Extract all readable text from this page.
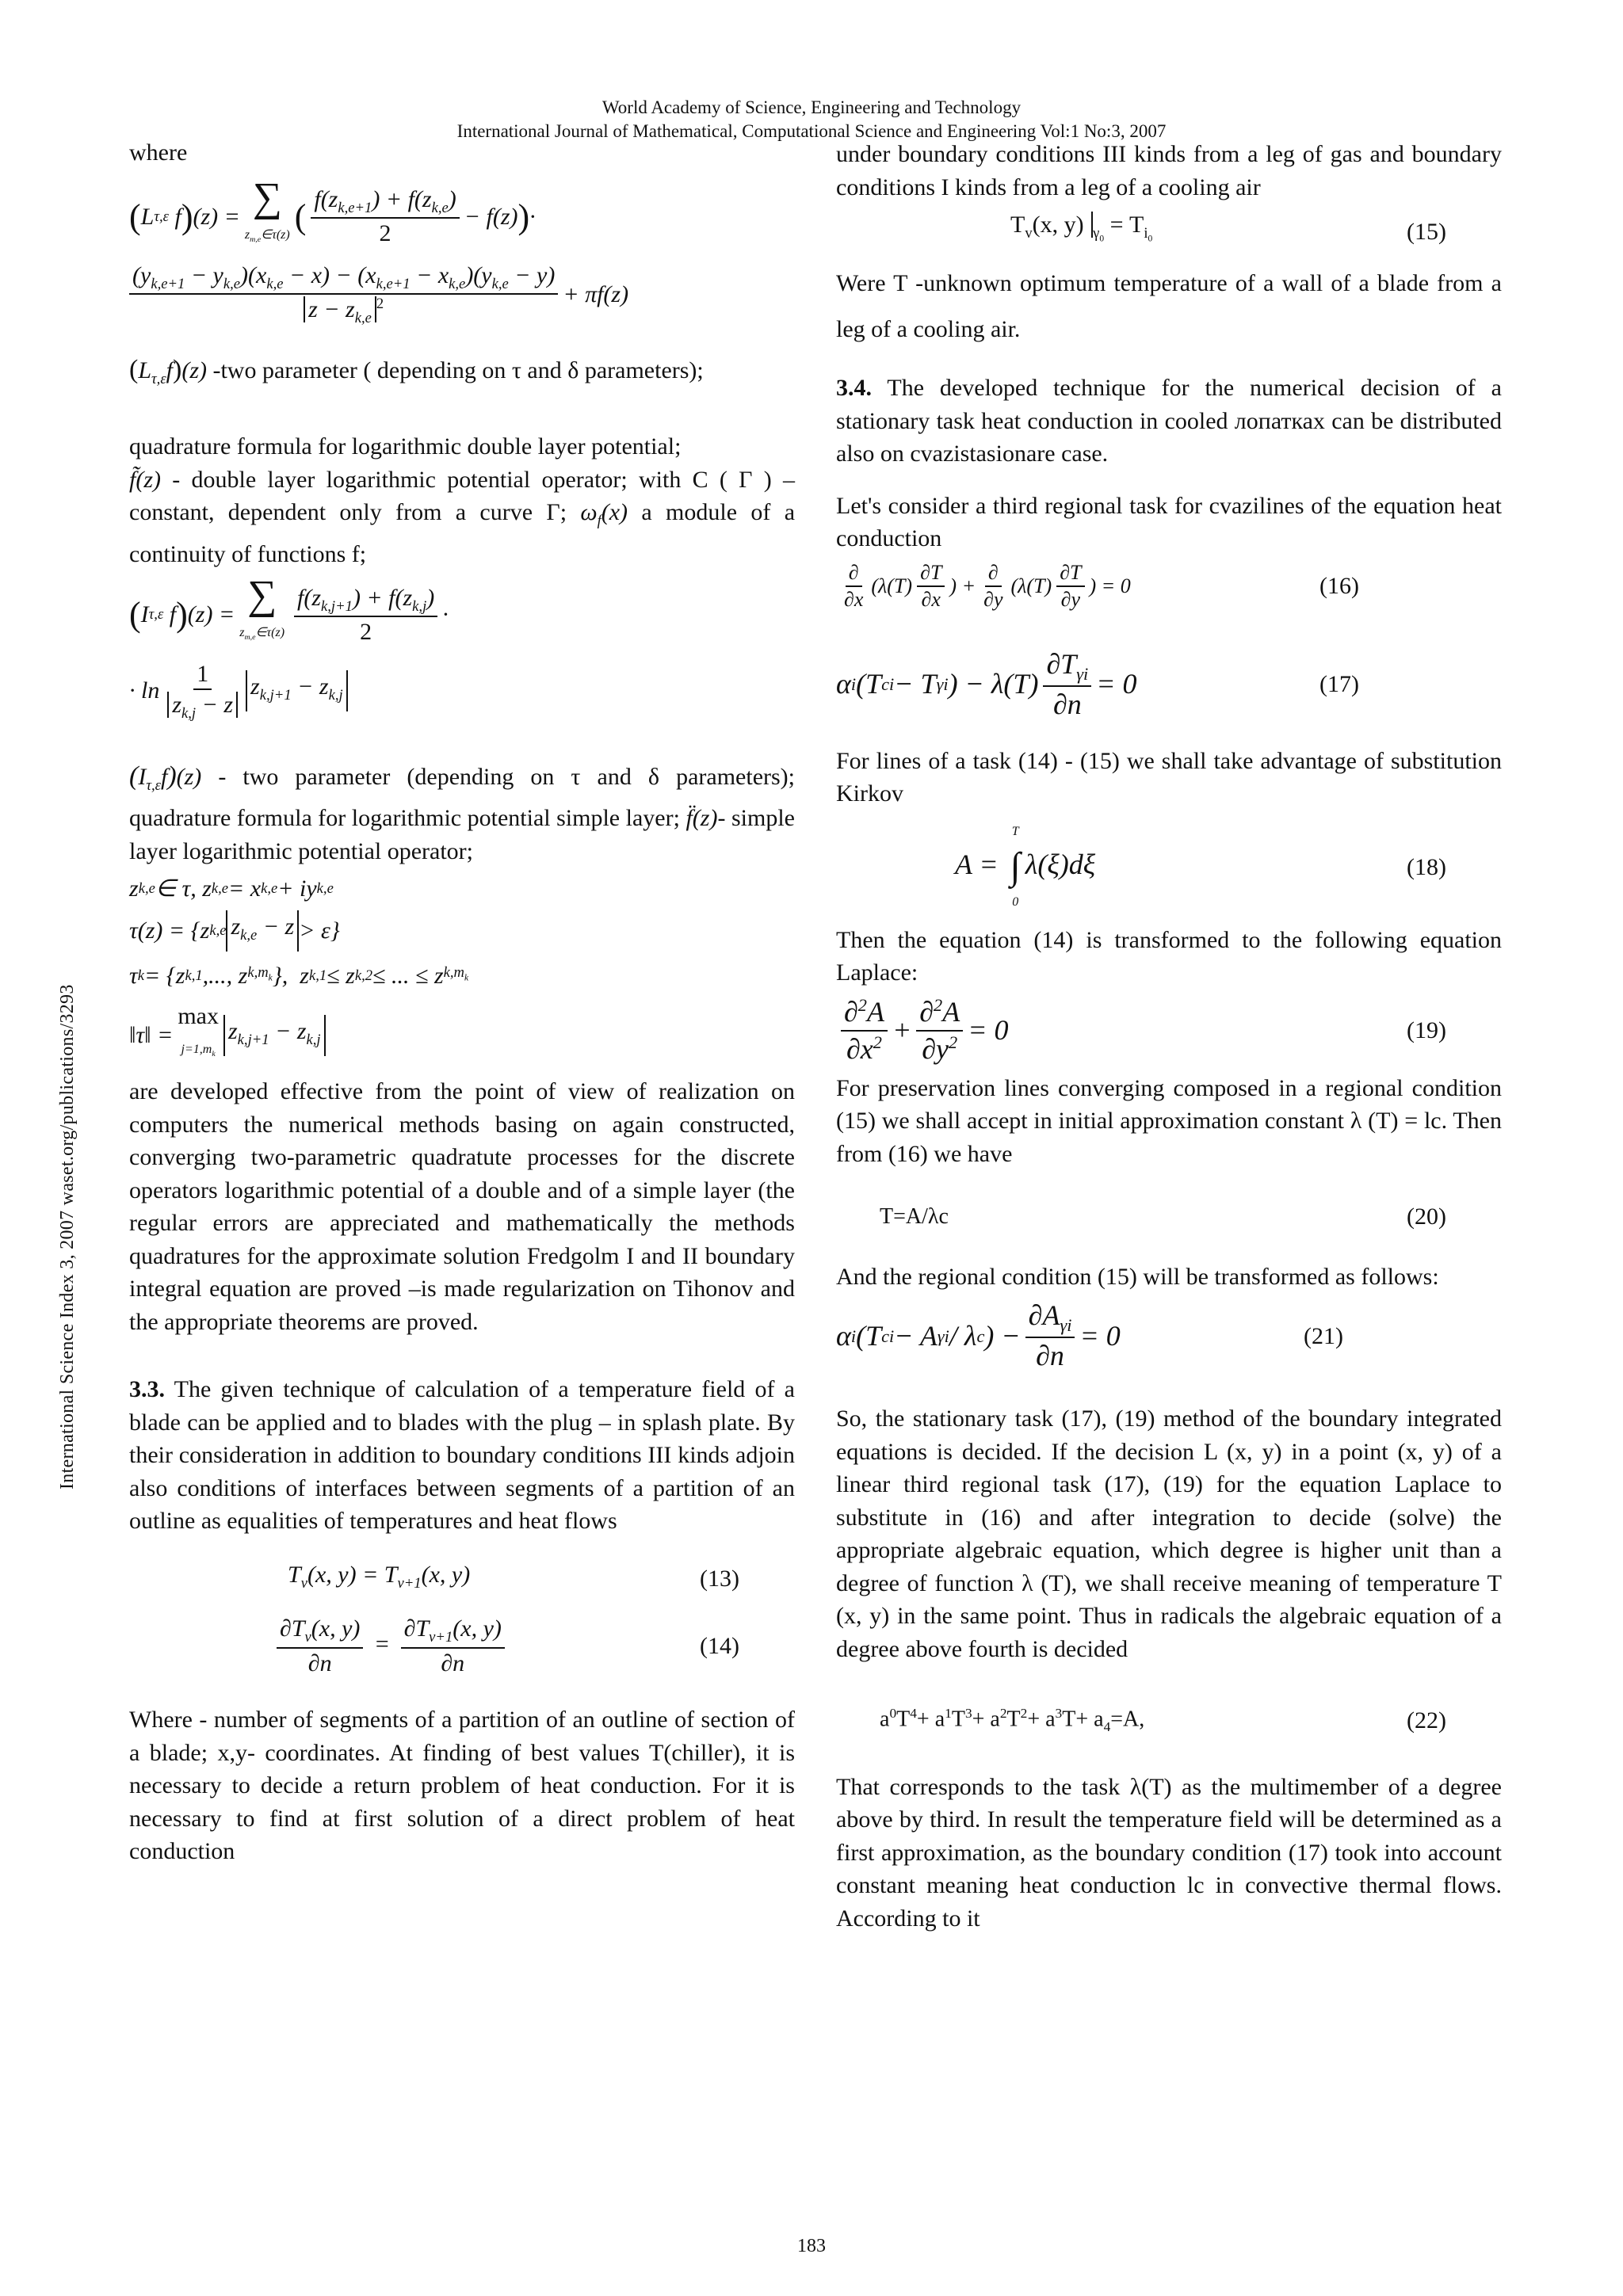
World Academy of Science, Engineering and Technology
International Journal of Mathematical, Computational Science and Engineering Vol:1 No:3, 2007
International Science Index 3, 2007 waset.org/publications/3293

where

( L τ,ε f ) (z) = ∑
$z_{m,e}\in\tau(z)$ ( $\frac{f(z_{k,e+1}) + f(z_{k,e})}{2} - f(z)$ ) ·
$\frac{(y_{k,e+1} - y_{k,e})(x_{k,e} - x) - (x_{k,e+1} - x_{k,e})(y_{k,e} - y)}{z - z_{k,e}^2} + \pi f(z)$

$(L_{\tau,\varepsilon}f)(z)$ -two parameter ( depending on τ and δ parameters);

quadrature formula for logarithmic double layer potential;

f̃(z) - double layer logarithmic potential operator; with C ( Γ ) – constant, dependent only from a curve Γ; $\omega_f(x)$ a module of a continuity of functions f;

( I τ,ε f ) (z) = ∑
$z_{m,e}\in\tau(z) \frac{f(z_{k,j+1}) + f(z_{k,j})}{2}$ ·
· $\ln \frac{1}{z_{k,j} - z} z_{k,j+1} - z_{k,j}$

$(I_{\tau,\varepsilon}f)(z)$ - two parameter (depending on τ and δ parameters); quadrature formula for logarithmic potential simple layer; f̈(z)- simple layer logarithmic potential operator;

z k,e ∈ τ, z k,e = x k,e + iy k,e
τ(z) = {z k,e $z_{k,e} - z > \varepsilon$}
τ k = {z k,1 ,..., z $k,m_k$ },  z k,1 ≤ z k,2 ≤ ... ≤ z $k,m_k$
‖τ‖ =
max
$j=1,m_k$
$z_{k,j+1} - z_{k,j}$

are developed effective from the point of view of realization on computers the numerical methods basing on again constructed, converging two-parametric quadratute processes for the discrete operators logarithmic potential of a double and of a simple layer (the regular errors are appreciated and mathematically the methods quadratures for the approximate solution Fredgolm I and II boundary integral equation are proved –is made regularization on Tihonov and the appropriate theorems are proved.

3.3. The given technique of calculation of a temperature field of a blade can be applied and to blades with the plug – in splash plate. By their consideration in addition to boundary conditions III kinds adjoin also conditions of interfaces between segments of a partition of an outline as equalities of temperatures and heat flows

$T_v(x$, $y) = T_{v+1}(x$, y)	(13)
$\frac{\partial T_v(x, y)}{\partial n} = \frac{\partial T_{v+1}(x, y)}{\partial n}$	(14)

Where - number of segments of a partition of an outline of section of a blade; x,y- coordinates. At finding of best values T(chiller), it is necessary to decide a return problem of heat conduction. For it is necessary to find at first solution of a direct problem of heat conduction

under boundary conditions III kinds from a leg of gas and boundary conditions I kinds from a leg of a cooling air

$T_v(x$, y) $_{\gamma_0} = T_{i_0}$	(15)

Were T -unknown optimum temperature of a wall of a blade from a leg of a cooling air.

3.4. The developed technique for the numerical decision of a stationary task heat conduction in cooled лопатках can be distributed also on cvazistasionare case.

Let's consider a third regional task for cvazilines of the equation heat conduction

$\frac{\partial}{\partial x} (\lambda(T) \frac{\partial T}{\partial x}$ ) + $\frac{\partial}{\partial y} (\lambda(T) \frac{\partial T}{\partial y}$ ) = 0	(16)
α i (T ci − T γi ) − $\lambda(T) \frac{\partial T_{\gamma i}}{\partial n} = 0$	(17)

For lines of a task (14) - (15) we shall take advantage of substitution Kirkov

A =
T
∫
0
λ(ξ)dξ	(18)

Then the equation (14) is transformed to the following equation Laplace:

$\frac{\partial^2A}{\partial x^2} + \frac{\partial^2A}{\partial y^2} = 0$	(19)

For preservation lines converging composed in a regional condition (15) we shall accept in initial approximation constant λ (T) = lc. Then from (16) we have

T=A/λc	(20)

And the regional condition (15) will be transformed as follows:

α i (T ci − A γi / λ c ) − $\frac{\partial A_{\gamma i}}{\partial n} = 0$	(21)

So, the stationary task (17), (19) method of the boundary integrated equations is decided. If the decision L (x, y) in a point (x, y) of a linear third regional task (17), (19) for the equation Laplace to substitute in (16) and after integration to decide (solve) the appropriate algebraic equation, which degree is higher unit than a degree of function λ (T), we shall receive meaning of temperature T (x, y) in the same point. Thus in radicals the algebraic equation of a degree above fourth is decided

$a^0T^4+ a^1T^3+ a^2T^2+ a^3T+ a_4=A$,	(22)

That corresponds to the task λ(T) as the multimember of a degree above by third. In result the temperature field will be determined as a first approximation, as the boundary condition (17) took into account constant meaning heat conduction lc in convective thermal flows. According to it

183
